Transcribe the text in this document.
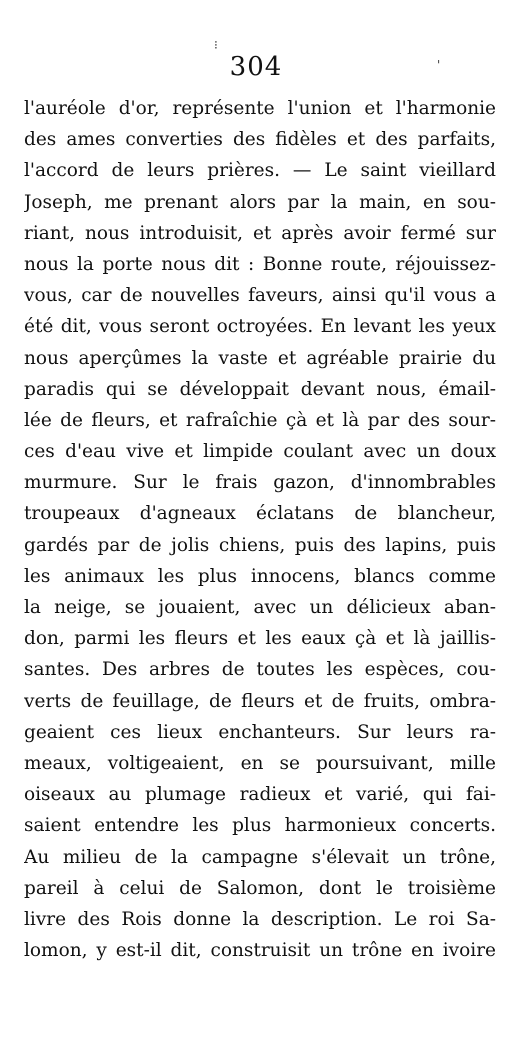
⁝
304	'
l'auréole d'or, représente l'union et l'harmonie
des ames converties des fidèles et des parfaits,
l'accord de leurs prières. — Le saint vieillard
Joseph, me prenant alors par la main, en sou-
riant, nous introduisit, et après avoir fermé sur
nous la porte nous dit : Bonne route, réjouissez-
vous, car de nouvelles faveurs, ainsi qu'il vous a
été dit, vous seront octroyées. En levant les yeux
nous aperçûmes la vaste et agréable prairie du
paradis qui se développait devant nous, émail-
lée de fleurs, et rafraîchie çà et là par des sour-
ces d'eau vive et limpide coulant avec un doux
murmure. Sur le frais gazon, d'innombrables
troupeaux d'agneaux éclatans de blancheur,
gardés par de jolis chiens, puis des lapins, puis
les animaux les plus innocens, blancs comme
la neige, se jouaient, avec un délicieux aban-
don, parmi les fleurs et les eaux çà et là jaillis-
santes. Des arbres de toutes les espèces, cou-
verts de feuillage, de fleurs et de fruits, ombra-
geaient ces lieux enchanteurs. Sur leurs ra-
meaux, voltigeaient, en se poursuivant, mille
oiseaux au plumage radieux et varié, qui fai-
saient entendre les plus harmonieux concerts.
Au milieu de la campagne s'élevait un trône,
pareil à celui de Salomon, dont le troisième
livre des Rois donne la description. Le roi Sa-
lomon, y est-il dit, construisit un trône en ivoire
